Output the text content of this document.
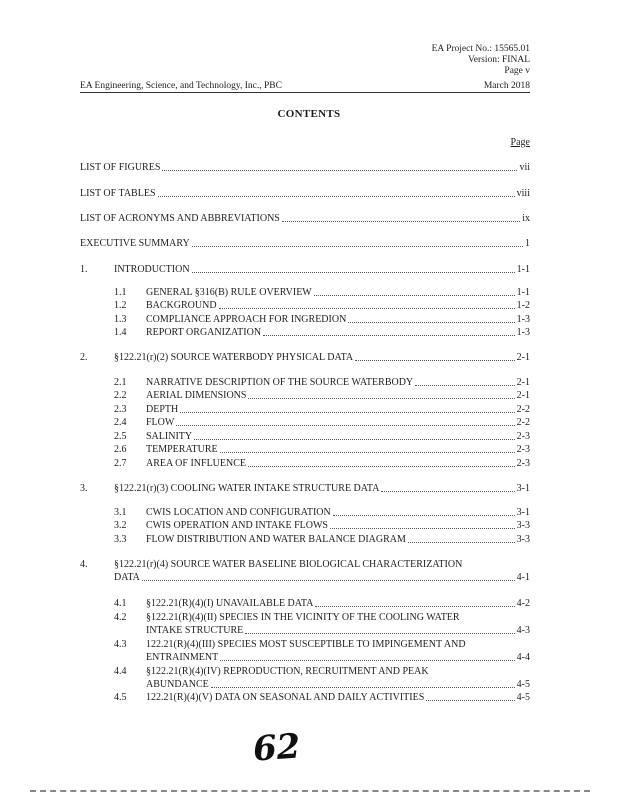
EA Project No.: 15565.01
Version: FINAL
Page v
EA Engineering, Science, and Technology, Inc., PBC	March 2018
CONTENTS
Page
LIST OF FIGURES	vii
LIST OF TABLES	viii
LIST OF ACRONYMS AND ABBREVIATIONS	ix
EXECUTIVE SUMMARY	1
1.	INTRODUCTION	1-1
1.1 GENERAL §316(B) RULE OVERVIEW	1-1
1.2 BACKGROUND	1-2
1.3 COMPLIANCE APPROACH FOR INGREDION	1-3
1.4 REPORT ORGANIZATION	1-3
2.	§122.21(r)(2) SOURCE WATERBODY PHYSICAL DATA	2-1
2.1 NARRATIVE DESCRIPTION OF THE SOURCE WATERBODY	2-1
2.2 AERIAL DIMENSIONS	2-1
2.3 DEPTH	2-2
2.4 FLOW	2-2
2.5 SALINITY	2-3
2.6 TEMPERATURE	2-3
2.7 AREA OF INFLUENCE	2-3
3.	§122.21(r)(3) COOLING WATER INTAKE STRUCTURE DATA	3-1
3.1 CWIS LOCATION AND CONFIGURATION	3-1
3.2 CWIS OPERATION AND INTAKE FLOWS	3-3
3.3 FLOW DISTRIBUTION AND WATER BALANCE DIAGRAM	3-3
4.	§122.21(r)(4) SOURCE WATER BASELINE BIOLOGICAL CHARACTERIZATION
DATA	4-1
4.1 §122.21(R)(4)(I) UNAVAILABLE DATA	4-2
4.2 §122.21(R)(4)(II) SPECIES IN THE VICINITY OF THE COOLING WATER
INTAKE STRUCTURE	4-3
4.3 122.21(R)(4)(III) SPECIES MOST SUSCEPTIBLE TO IMPINGEMENT AND
ENTRAINMENT	4-4
4.4 §122.21(R)(4)(IV) REPRODUCTION, RECRUITMENT AND PEAK
ABUNDANCE	4-5
4.5 122.21(R)(4)(V) DATA ON SEASONAL AND DAILY ACTIVITIES	4-5
62
